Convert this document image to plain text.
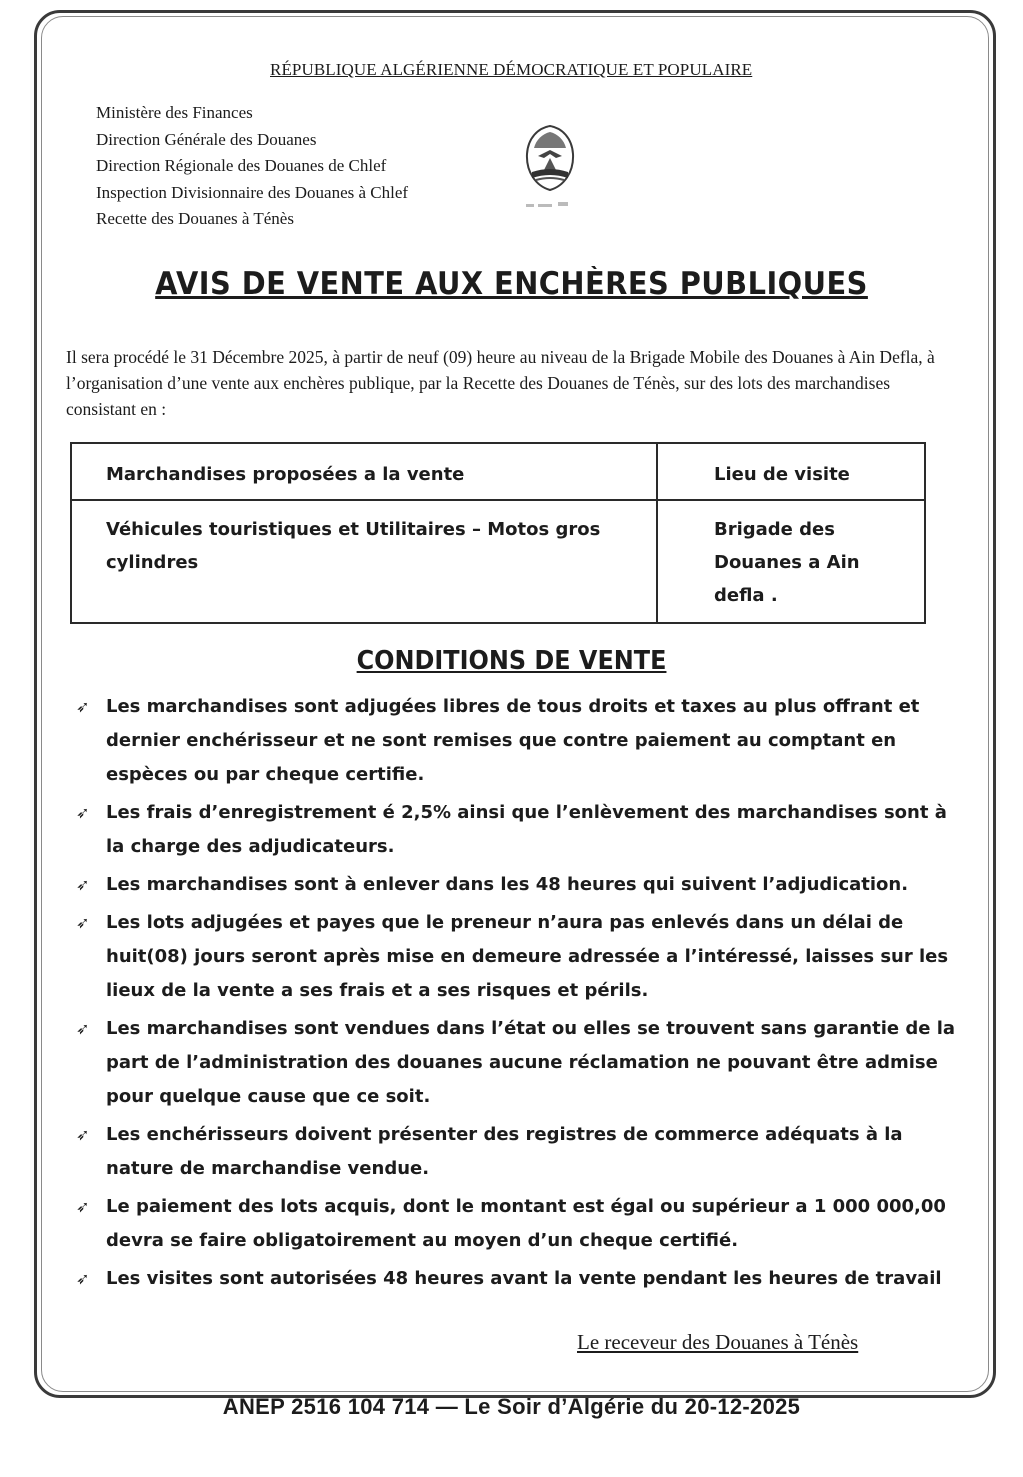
RÉPUBLIQUE ALGÉRIENNE DÉMOCRATIQUE ET POPULAIRE
Ministère des Finances
Direction Générale des Douanes
Direction Régionale des Douanes de Chlef
Inspection Divisionnaire des Douanes à Chlef
Recette des Douanes à Ténès
AVIS DE VENTE AUX ENCHÈRES PUBLIQUES
Il sera procédé le 31 Décembre 2025, à partir de neuf (09) heure au niveau de la Brigade Mobile des Douanes à Ain Defla, à l’organisation d’une vente aux enchères publique, par la Recette des Douanes de Ténès, sur des lots des marchandises consistant en :
Marchandises proposées a la vente	Lieu de visite
Véhicules touristiques et Utilitaires – Motos gros cylindres	Brigade des Douanes a Ain defla .
CONDITIONS DE VENTE
➶ Les marchandises sont adjugées libres de tous droits et taxes au plus offrant et dernier enchérisseur et ne sont remises que contre paiement au comptant en espèces ou par cheque certifie.
➶ Les frais d’enregistrement é 2,5% ainsi que l’enlèvement des marchandises sont à la charge des adjudicateurs.
➶ Les marchandises sont à enlever dans les 48 heures qui suivent l’adjudication.
➶ Les lots adjugées et payes que le preneur n’aura pas enlevés dans un délai de huit(08) jours seront après mise en demeure adressée a l’intéressé, laisses sur les lieux de la vente a ses frais et a ses risques et périls.
➶ Les marchandises sont vendues dans l’état ou elles se trouvent sans garantie de la part de l’administration des douanes aucune réclamation ne pouvant être admise pour quelque cause que ce soit.
➶ Les enchérisseurs doivent présenter des registres de commerce adéquats à la nature de marchandise vendue.
➶ Le paiement des lots acquis, dont le montant est égal ou supérieur a 1 000 000,00 devra se faire obligatoirement au moyen d’un cheque certifié.
➶ Les visites sont autorisées 48 heures avant la vente pendant les heures de travail
Le receveur des Douanes à Ténès
ANEP 2516 104 714 — Le Soir d’Algérie du 20-12-2025
